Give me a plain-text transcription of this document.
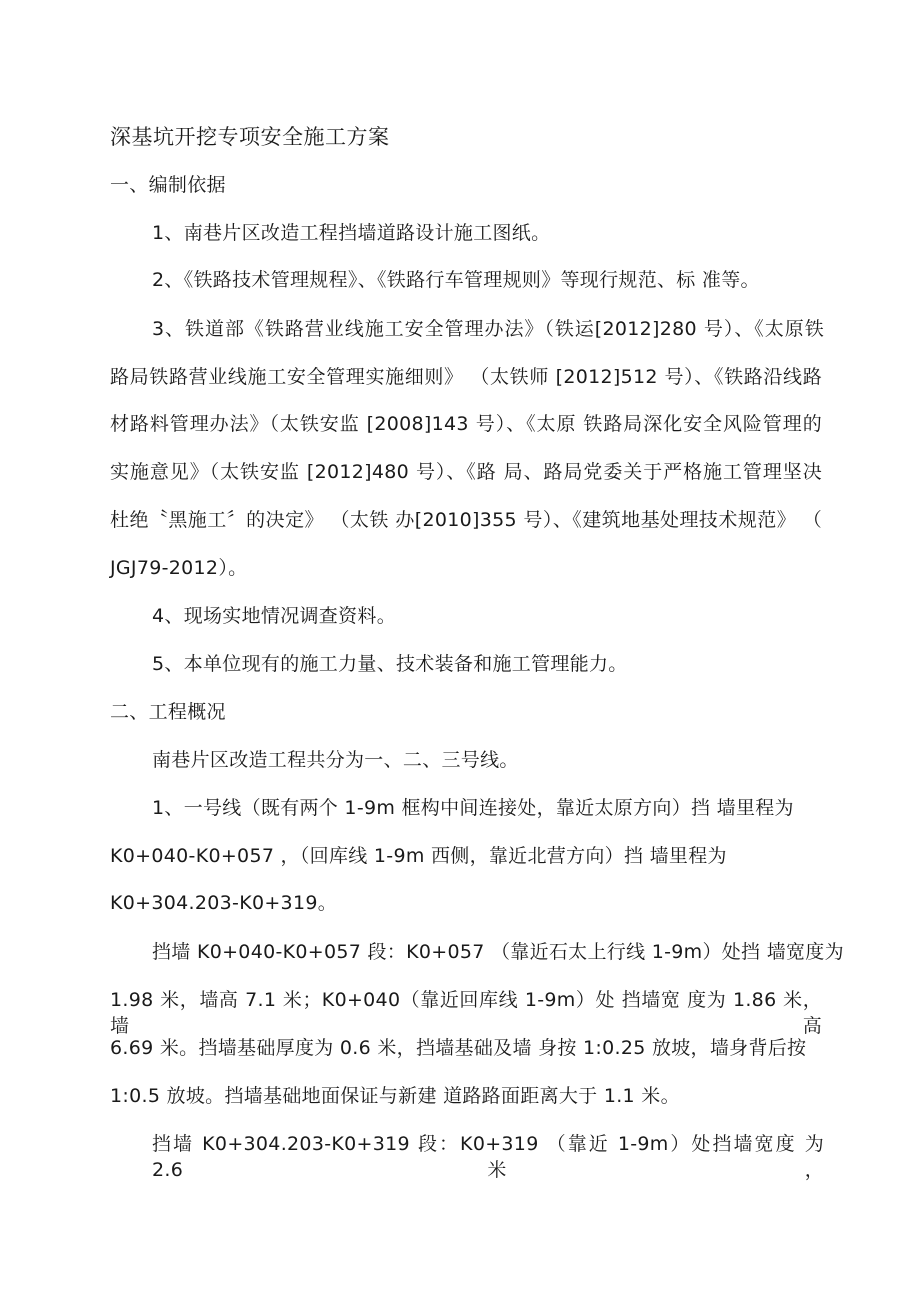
深基坑开挖专项安全施工方案
一、编制依据
1、南巷片区改造工程挡墙道路设计施工图纸。
2、《铁路技术管理规程》、《铁路行车管理规则》等现行规范、标 准等。
3、铁道部《铁路营业线施工安全管理办法》（铁运[2012]280 号）、《太原铁
路局铁路营业线施工安全管理实施细则》 （太铁师 [2012]512 号）、《铁路沿线路
材路料管理办法》（太铁安监 [2008]143 号）、《太原 铁路局深化安全风险管理的
实施意见》（太铁安监 [2012]480 号）、《路 局、路局党委关于严格施工管理坚决
杜绝〝黑施工〞的决定》 （太铁 办[2010]355 号）、《建筑地基处理技术规范》 （
JGJ79-2012）。
4、现场实地情况调查资料。
5、本单位现有的施工力量、技术装备和施工管理能力。
二、工程概况
南巷片区改造工程共分为一、二、三号线。
1、一号线（既有两个 1-9m 框构中间连接处，靠近太原方向）挡 墙里程为
K0+040-K0+057 ，（回库线 1-9m 西侧，靠近北营方向）挡 墙里程为
K0+304.203-K0+319。
挡墙 K0+040-K0+057 段：K0+057 （靠近石太上行线 1-9m）处挡 墙宽度为
1.98 米，墙高 7.1 米；K0+040（靠近回库线 1-9m）处 挡墙宽 度为 1.86 米，墙高
6.69 米。挡墙基础厚度为 0.6 米，挡墙基础及墙 身按 1:0.25 放坡，墙身背后按
1:0.5 放坡。挡墙基础地面保证与新建 道路路面距离大于 1.1 米。
挡墙 K0+304.203-K0+319 段：K0+319 （靠近 1-9m）处挡墙宽度 为 2.6 米，
